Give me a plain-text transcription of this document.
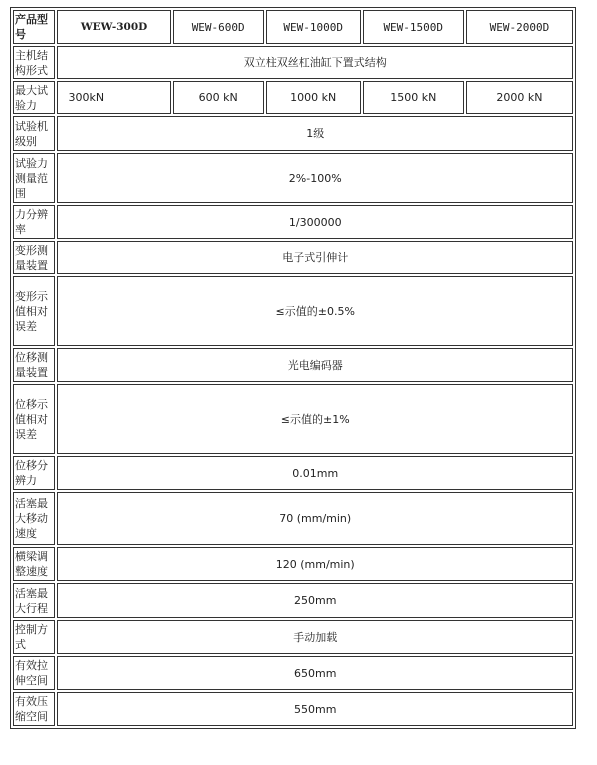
产品型号	WEW-300D	WEW-600D	WEW-1000D	WEW-1500D	WEW-2000D
主机结构形式	双立柱双丝杠油缸下置式结构				
最大试验力	300kN	600 kN	1000 kN	1500 kN	2000 kN
试验机级别	1级				
试验力测量范围	2%-100%				
力分辨率	1/300000				
变形测量装置	电子式引伸计				
变形示值相对误差	≤示值的±0.5%				
位移测量装置	光电编码器				
位移示值相对误差	≤示值的±1%				
位移分辨力	0.01mm				
活塞最大移动速度	70 (mm/min)				
横梁调整速度	120 (mm/min)				
活塞最大行程	250mm				
控制方式	手动加载				
有效拉伸空间	650mm				
有效压缩空间	550mm				
